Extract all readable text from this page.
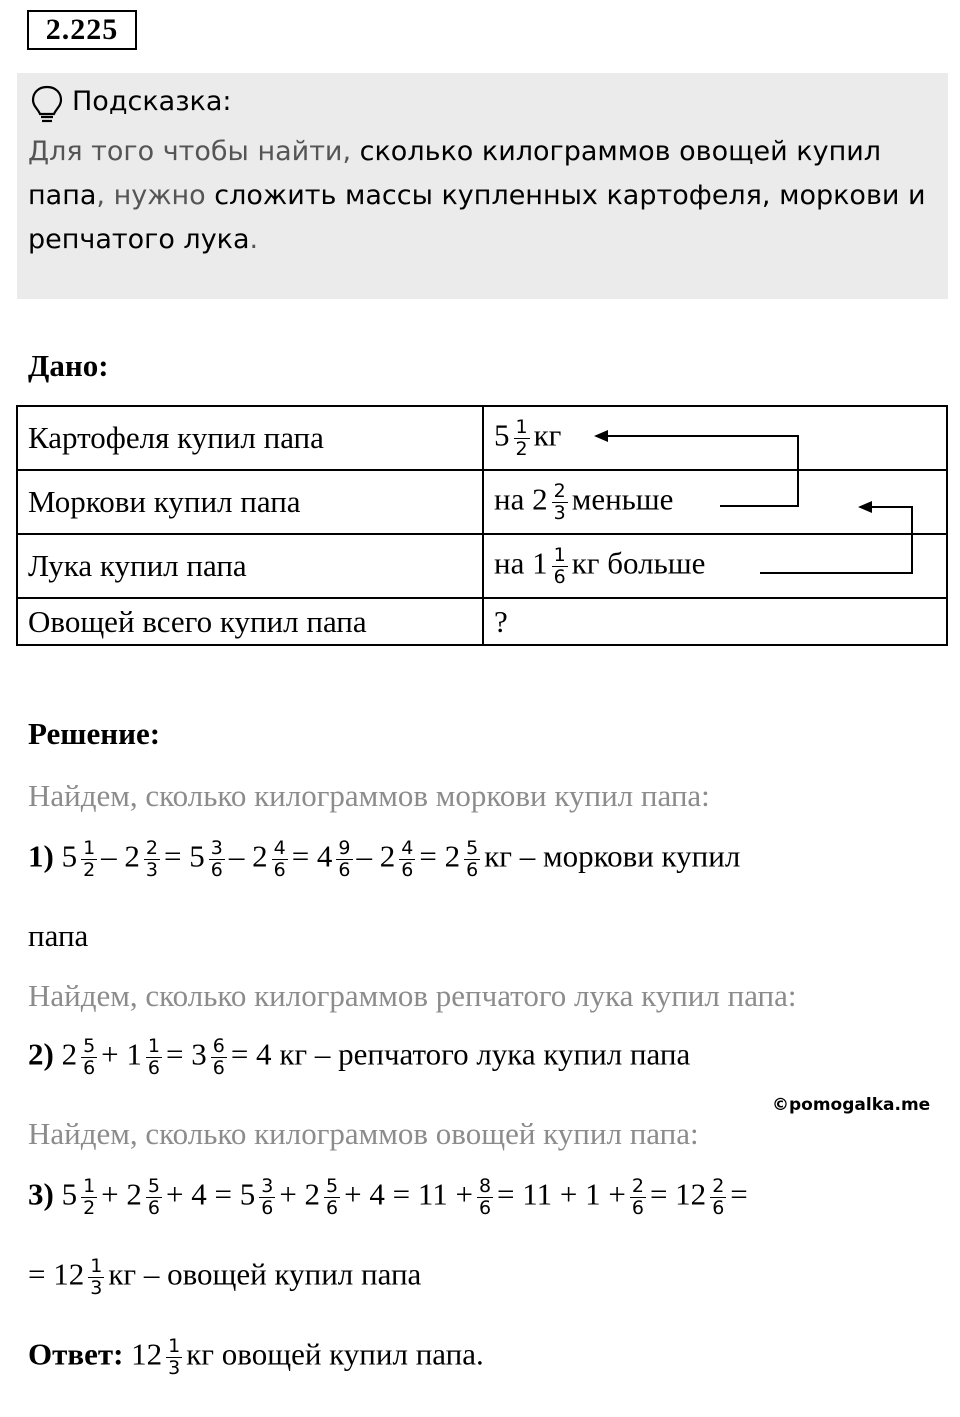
2.225
Подсказка:
Для того чтобы найти, сколько килограммов овощей купил
папа, нужно сложить массы купленных картофеля, моркови и
репчатого лука.
Дано:
Картофеля купил папа	$5 \frac{1}{2}$ кг
Моркови купил папа	на $2 \frac{2}{3}$ меньше
Лука купил папа	на $1 \frac{1}{6}$ кг больше
Овощей всего купил папа	?
Решение:
Найдем, сколько килограммов моркови купил папа:
1) $5 \frac{1}{2} - 2 \frac{2}{3} = 5 \frac{3}{6} - 2 \frac{4}{6} = 4 \frac{9}{6} - 2 \frac{4}{6} = 2 \frac{5}{6}$ кг – моркови купил
папа
Найдем, сколько килограммов репчатого лука купил папа:
2) $2 \frac{5}{6} + 1 \frac{1}{6} = 3 \frac{6}{6} = 4$ кг – репчатого лука купил папа
©pomogalka.me
Найдем, сколько килограммов овощей купил папа:
3) $5 \frac{1}{2} + 2 \frac{5}{6} + 4 = 5 \frac{3}{6} + 2 \frac{5}{6} + 4 = 11 + \frac{8}{6} = 11 + 1 + \frac{2}{6} = 12 \frac{2}{6}$ =
= $12 \frac{1}{3}$ кг – овощей купил папа
Ответ: $12 \frac{1}{3}$ кг овощей купил папа.
